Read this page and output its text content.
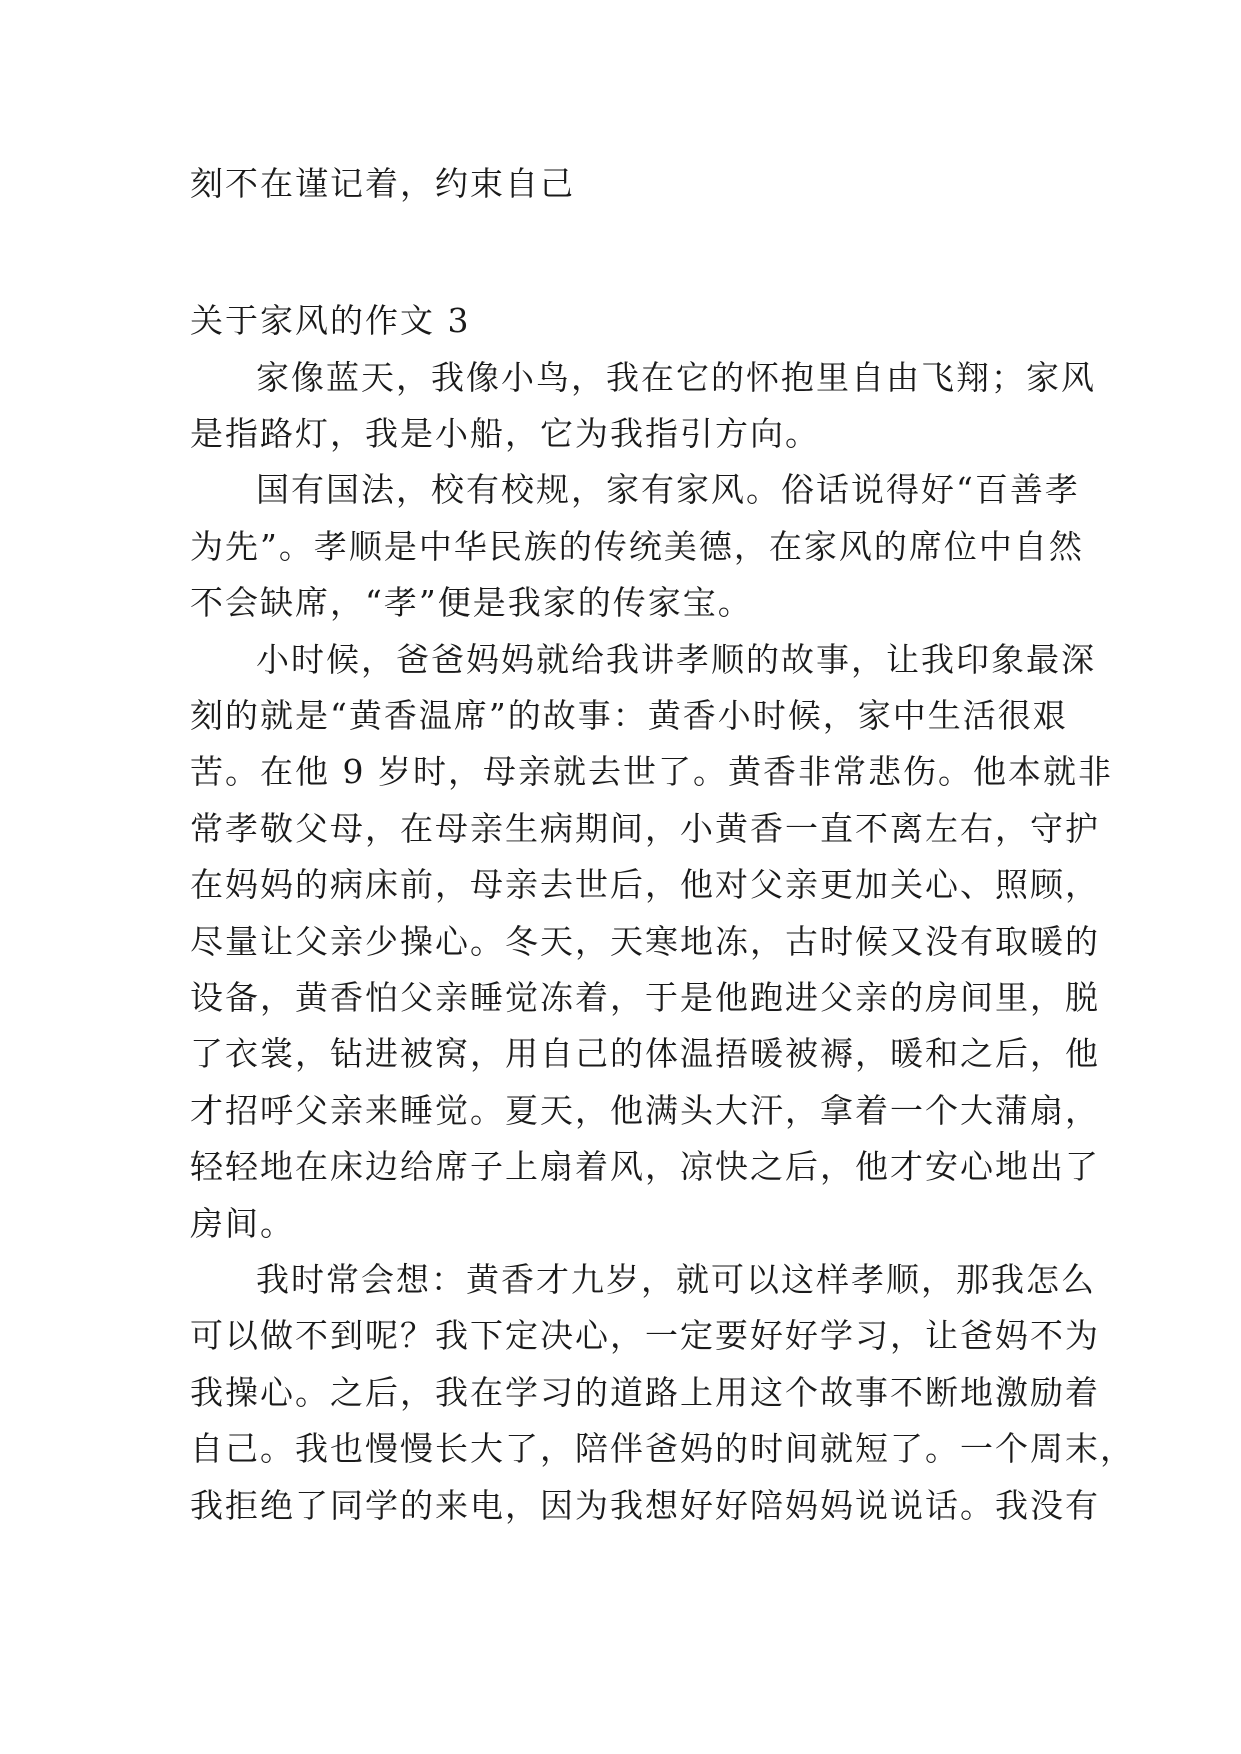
刻不在谨记着，约束自己
关于家风的作文 3
家像蓝天，我像小鸟，我在它的怀抱里自由飞翔；家风
是指路灯，我是小船，它为我指引方向。
国有国法，校有校规，家有家风。俗话说得好“百善孝
为先”。孝顺是中华民族的传统美德，在家风的席位中自然
不会缺席，“孝”便是我家的传家宝。
小时候，爸爸妈妈就给我讲孝顺的故事，让我印象最深
刻的就是“黄香温席”的故事：黄香小时候，家中生活很艰
苦。在他 9 岁时，母亲就去世了。黄香非常悲伤。他本就非
常孝敬父母，在母亲生病期间，小黄香一直不离左右，守护
在妈妈的病床前，母亲去世后，他对父亲更加关心、照顾，
尽量让父亲少操心。冬天，天寒地冻，古时候又没有取暖的
设备，黄香怕父亲睡觉冻着，于是他跑进父亲的房间里，脱
了衣裳，钻进被窝，用自己的体温捂暖被褥，暖和之后，他
才招呼父亲来睡觉。夏天，他满头大汗，拿着一个大蒲扇，
轻轻地在床边给席子上扇着风，凉快之后，他才安心地出了
房间。
我时常会想：黄香才九岁，就可以这样孝顺，那我怎么
可以做不到呢？我下定决心，一定要好好学习，让爸妈不为
我操心。之后，我在学习的道路上用这个故事不断地激励着
自己。我也慢慢长大了，陪伴爸妈的时间就短了。一个周末，
我拒绝了同学的来电，因为我想好好陪妈妈说说话。我没有
